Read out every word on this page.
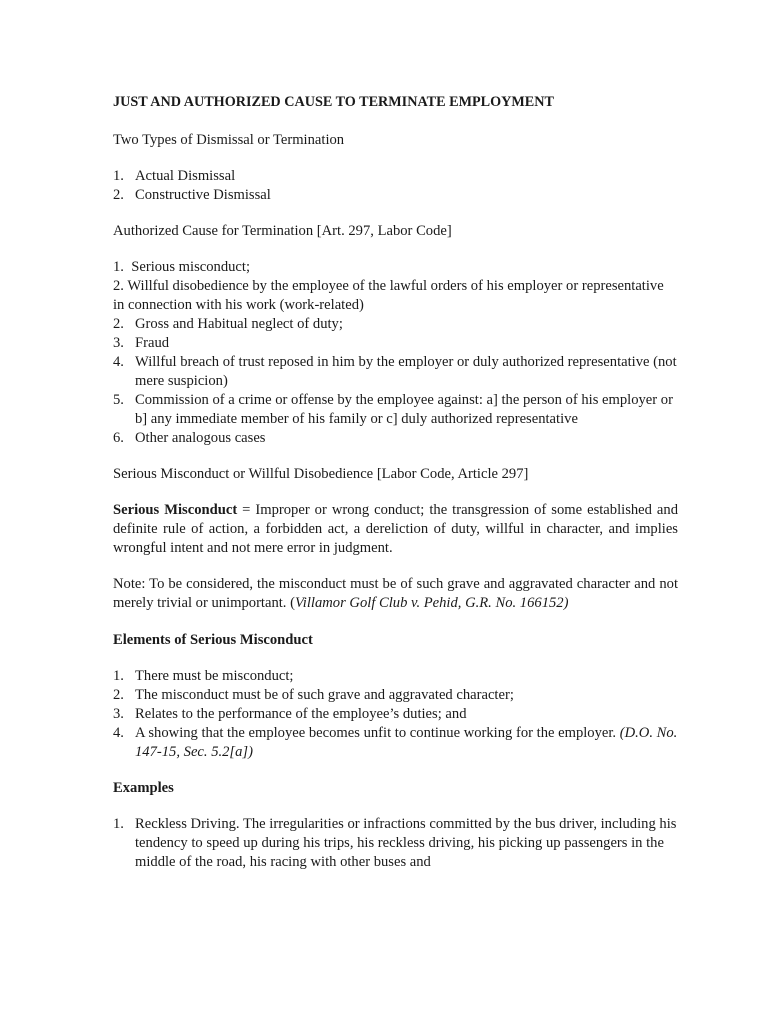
JUST AND AUTHORIZED CAUSE TO TERMINATE EMPLOYMENT

Two Types of Dismissal or Termination

1. Actual Dismissal
2. Constructive Dismissal

Authorized Cause for Termination [Art. 297, Labor Code]

1.  Serious misconduct;

2. Willful disobedience by the employee of the lawful orders of his employer or representative in connection with his work (work-related)

2. Gross and Habitual neglect of duty;
3. Fraud
4. Willful breach of trust reposed in him by the employer or duly authorized representative (not mere suspicion)
5. Commission of a crime or offense by the employee against: a] the person of his employer or b] any immediate member of his family or c] duly authorized representative
6. Other analogous cases

Serious Misconduct or Willful Disobedience [Labor Code, Article 297]

Serious Misconduct = Improper or wrong conduct; the transgression of some established and definite rule of action, a forbidden act, a dereliction of duty, willful in character, and implies wrongful intent and not mere error in judgment.

Note: To be considered, the misconduct must be of such grave and aggravated character and not merely trivial or unimportant. (Villamor Golf Club v. Pehid, G.R. No. 166152)

Elements of Serious Misconduct

1. There must be misconduct;
2. The misconduct must be of such grave and aggravated character;
3. Relates to the performance of the employee’s duties; and
4. A showing that the employee becomes unfit to continue working for the employer. (D.O. No. 147-15, Sec. 5.2[a])

Examples

1. Reckless Driving. The irregularities or infractions committed by the bus driver, including his tendency to speed up during his trips, his reckless driving, his picking up passengers in the middle of the road, his racing with other buses and
